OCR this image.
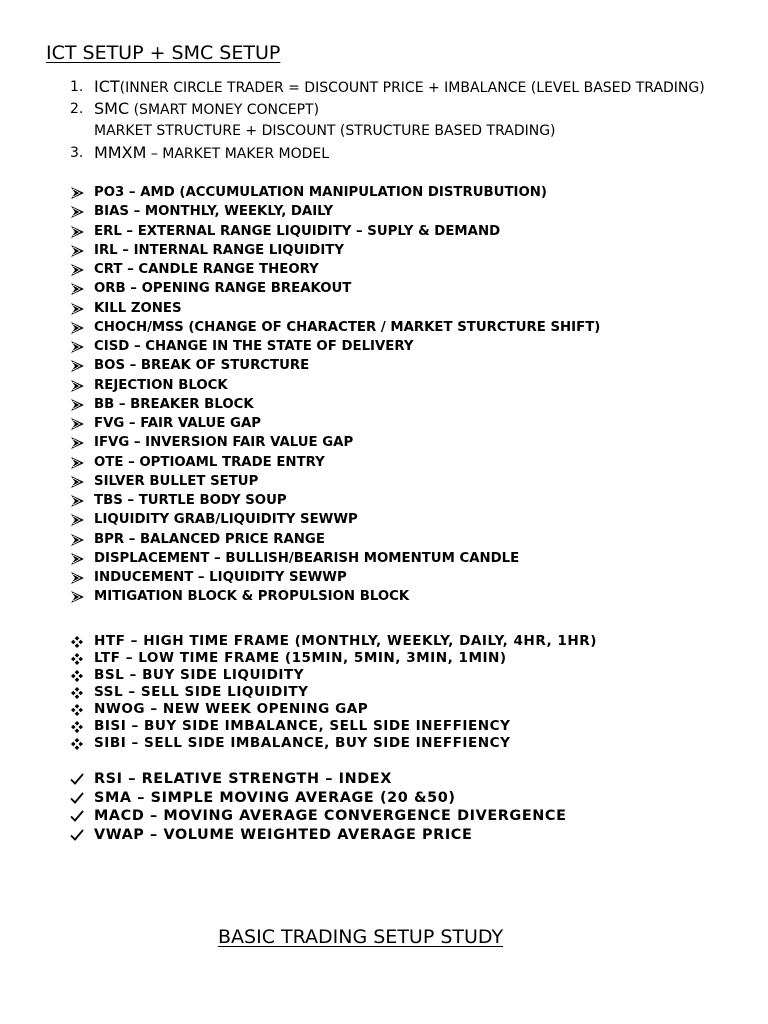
ICT SETUP + SMC SETUP
1. ICT(INNER CIRCLE TRADER = DISCOUNT PRICE + IMBALANCE (LEVEL BASED TRADING)
2. SMC (SMART MONEY CONCEPT)
MARKET STRUCTURE + DISCOUNT (STRUCTURE BASED TRADING)
3. MMXM – MARKET MAKER MODEL
PO3 – AMD (ACCUMULATION MANIPULATION DISTRUBUTION)
BIAS – MONTHLY, WEEKLY, DAILY
ERL – EXTERNAL RANGE LIQUIDITY – SUPLY & DEMAND
IRL – INTERNAL RANGE LIQUIDITY
CRT – CANDLE RANGE THEORY
ORB – OPENING RANGE BREAKOUT
KILL ZONES
CHOCH/MSS (CHANGE OF CHARACTER / MARKET STURCTURE SHIFT)
CISD – CHANGE IN THE STATE OF DELIVERY
BOS – BREAK OF STURCTURE
REJECTION BLOCK
BB – BREAKER BLOCK
FVG – FAIR VALUE GAP
IFVG – INVERSION FAIR VALUE GAP
OTE – OPTIOAML TRADE ENTRY
SILVER BULLET SETUP
TBS – TURTLE BODY SOUP
LIQUIDITY GRAB/LIQUIDITY SEWWP
BPR – BALANCED PRICE RANGE
DISPLACEMENT – BULLISH/BEARISH MOMENTUM CANDLE
INDUCEMENT – LIQUIDITY SEWWP
MITIGATION BLOCK & PROPULSION BLOCK
HTF – HIGH TIME FRAME (MONTHLY, WEEKLY, DAILY, 4HR, 1HR)
LTF – LOW TIME FRAME (15MIN, 5MIN, 3MIN, 1MIN)
BSL – BUY SIDE LIQUIDITY
SSL – SELL SIDE LIQUIDITY
NWOG – NEW WEEK OPENING GAP
BISI – BUY SIDE IMBALANCE, SELL SIDE INEFFIENCY
SIBI – SELL SIDE IMBALANCE, BUY SIDE INEFFIENCY
RSI – RELATIVE STRENGTH – INDEX
SMA – SIMPLE MOVING AVERAGE (20 &50)
MACD – MOVING AVERAGE CONVERGENCE DIVERGENCE
VWAP – VOLUME WEIGHTED AVERAGE PRICE
BASIC TRADING SETUP STUDY
